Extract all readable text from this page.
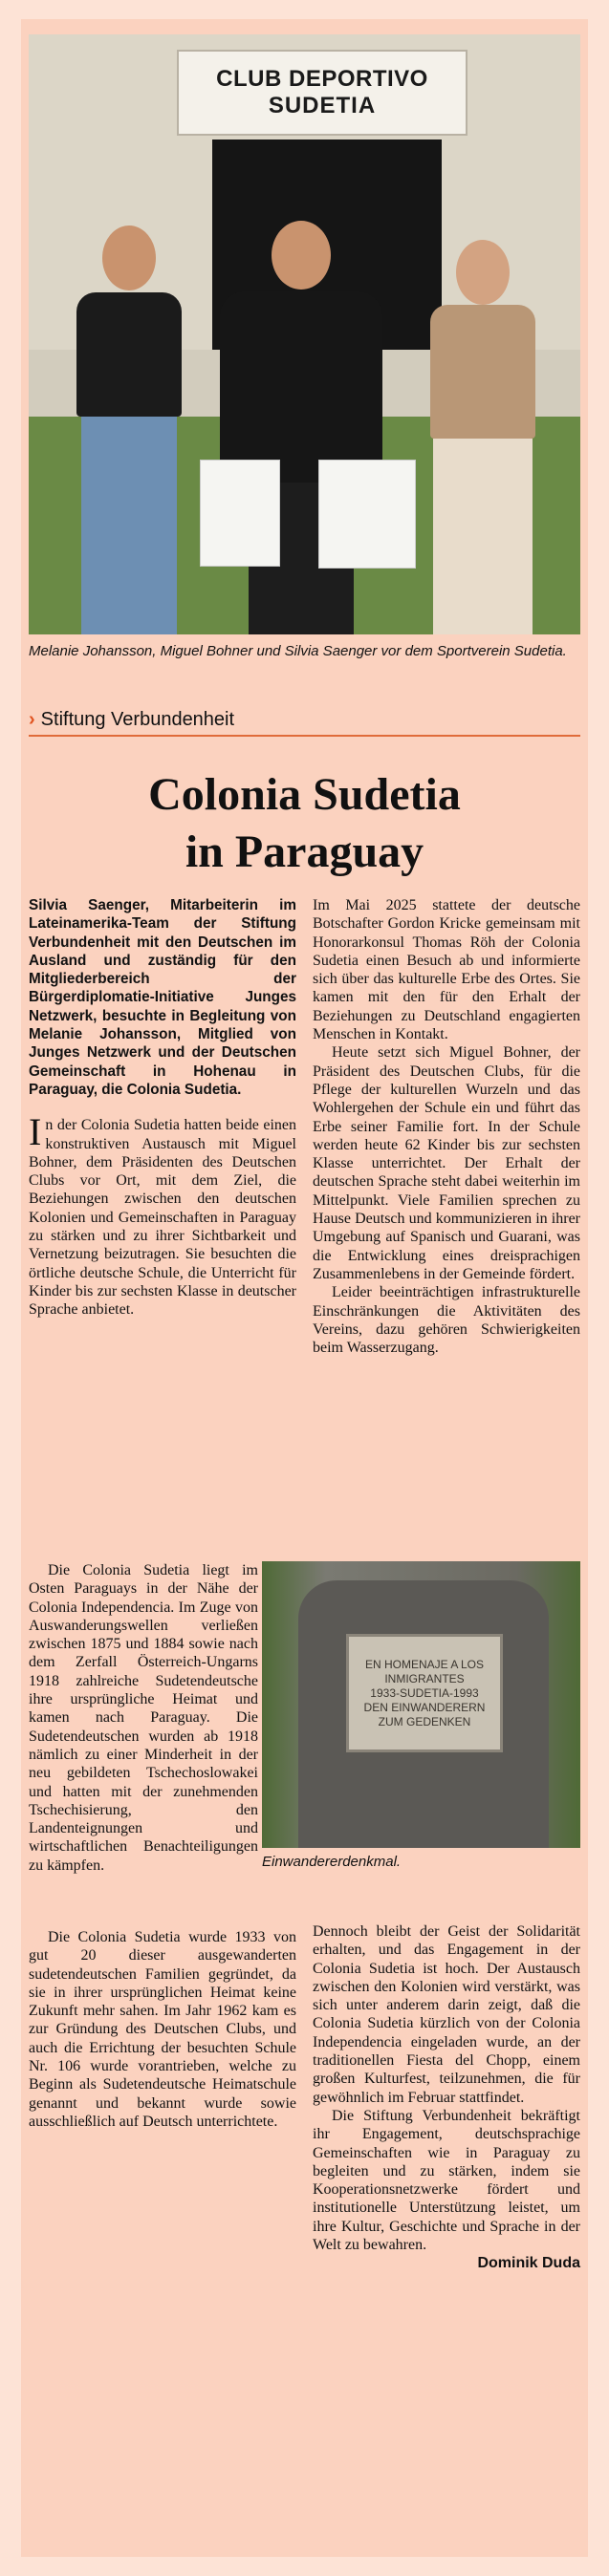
CLUB DEPORTIVO
SUDETIA
Melanie Johansson, Miguel Bohner und Silvia Saenger vor dem Sportverein Sudetia.
› Stiftung Verbundenheit
Colonia Sudetia
in Paraguay

Silvia Saenger, Mitarbeiterin im Lateinamerika-Team der Stiftung Verbundenheit mit den Deutschen im Ausland und zuständig für den Mitgliederbereich der Bürgerdiplomatie-Initiative Junges Netzwerk, besuchte in Begleitung von Melanie Johansson, Mitglied von Junges Netzwerk und der Deutschen Gemeinschaft in Hohenau in Paraguay, die Colonia Sudetia.

In der Colonia Sudetia hatten beide einen konstruktiven Austausch mit Miguel Bohner, dem Präsidenten des Deutschen Clubs vor Ort, mit dem Ziel, die Beziehungen zwischen den deutschen Kolonien und Gemeinschaften in Paraguay zu stärken und zu ihrer Sichtbarkeit und Vernetzung beizutragen. Sie besuchten die örtliche deutsche Schule, die Unterricht für Kinder bis zur sechsten Klasse in deutscher Sprache anbietet.

Im Mai 2025 stattete der deutsche Botschafter Gordon Kricke gemeinsam mit Honorarkonsul Thomas Röh der Colonia Sudetia einen Besuch ab und informierte sich über das kulturelle Erbe des Ortes. Sie kamen mit den für den Erhalt der Beziehungen zu Deutschland engagierten Menschen in Kontakt.

Heute setzt sich Miguel Bohner, der Präsident des Deutschen Clubs, für die Pflege der kulturellen Wurzeln und das Wohlergehen der Schule ein und führt das Erbe seiner Familie fort. In der Schule werden heute 62 Kinder bis zur sechsten Klasse unterrichtet. Der Erhalt der deutschen Sprache steht dabei weiterhin im Mittelpunkt. Viele Familien sprechen zu Hause Deutsch und kommunizieren in ihrer Umgebung auf Spanisch und Guarani, was die Entwicklung eines dreisprachigen Zusammenlebens in der Gemeinde fördert.

Leider beeinträchtigen infrastrukturelle Einschränkungen die Aktivitäten des Vereins, dazu gehören Schwierigkeiten beim Wasserzugang.

Die Colonia Sudetia liegt im Osten Paraguays in der Nähe der Colonia Independencia. Im Zuge von Auswanderungswellen verließen zwischen 1875 und 1884 sowie nach dem Zerfall Österreich-Ungarns 1918 zahlreiche Sudetendeutsche ihre ursprüngliche Heimat und kamen nach Paraguay. Die Sudetendeutschen wurden ab 1918 nämlich zu einer Minderheit in der neu gebildeten Tschechoslowakei und hatten mit der zunehmenden Tschechisierung, den Landenteignungen und wirtschaftlichen Benachteiligungen zu kämpfen.

EN HOMENAJE A LOS
INMIGRANTES
1933-SUDETIA-1993
DEN EINWANDERERN
ZUM GEDENKEN
Einwandererdenkmal.

Die Colonia Sudetia wurde 1933 von gut 20 dieser ausgewanderten sudetendeutschen Familien gegründet, da sie in ihrer ursprünglichen Heimat keine Zukunft mehr sahen. Im Jahr 1962 kam es zur Gründung des Deutschen Clubs, und auch die Errichtung der besuchten Schule Nr. 106 wurde vorantrieben, welche zu Beginn als Sudetendeutsche Heimatschule genannt und bekannt wurde sowie ausschließlich auf Deutsch unterrichtete.

Dennoch bleibt der Geist der Solidarität erhalten, und das Engagement in der Colonia Sudetia ist hoch. Der Austausch zwischen den Kolonien wird verstärkt, was sich unter anderem darin zeigt, daß die Colonia Sudetia kürzlich von der Colonia Independencia eingeladen wurde, an der traditionellen Fiesta del Chopp, einem großen Kulturfest, teilzunehmen, die für gewöhnlich im Februar stattfindet.

Die Stiftung Verbundenheit bekräftigt ihr Engagement, deutschsprachige Gemeinschaften wie in Paraguay zu begleiten und zu stärken, indem sie Kooperationsnetzwerke fördert und institutionelle Unterstützung leistet, um ihre Kultur, Geschichte und Sprache in der Welt zu bewahren.

Dominik Duda
